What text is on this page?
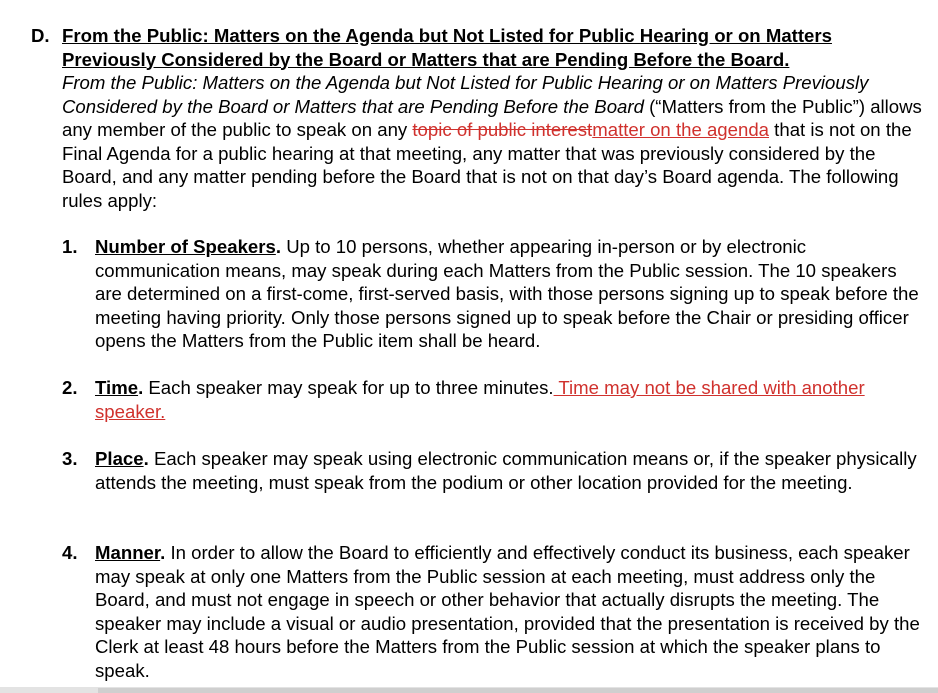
D. From the Public: Matters on the Agenda but Not Listed for Public Hearing or on Matters Previously Considered by the Board or Matters that are Pending Before the Board.
From the Public: Matters on the Agenda but Not Listed for Public Hearing or on Matters Previously Considered by the Board or Matters that are Pending Before the Board (“Matters from the Public”) allows any member of the public to speak on any topic of public interestmatter on the agenda that is not on the Final Agenda for a public hearing at that meeting, any matter that was previously considered by the Board, and any matter pending before the Board that is not on that day’s Board agenda. The following rules apply:
1. Number of Speakers. Up to 10 persons, whether appearing in-person or by electronic communication means, may speak during each Matters from the Public session. The 10 speakers are determined on a first-come, first-served basis, with those persons signing up to speak before the meeting having priority. Only those persons signed up to speak before the Chair or presiding officer opens the Matters from the Public item shall be heard.
2. Time. Each speaker may speak for up to three minutes. Time may not be shared with another speaker.
3. Place. Each speaker may speak using electronic communication means or, if the speaker physically attends the meeting, must speak from the podium or other location provided for the meeting.
4. Manner. In order to allow the Board to efficiently and effectively conduct its business, each speaker may speak at only one Matters from the Public session at each meeting, must address only the Board, and must not engage in speech or other behavior that actually disrupts the meeting. The speaker may include a visual or audio presentation, provided that the presentation is received by the Clerk at least 48 hours before the Matters from the Public session at which the speaker plans to speak.
